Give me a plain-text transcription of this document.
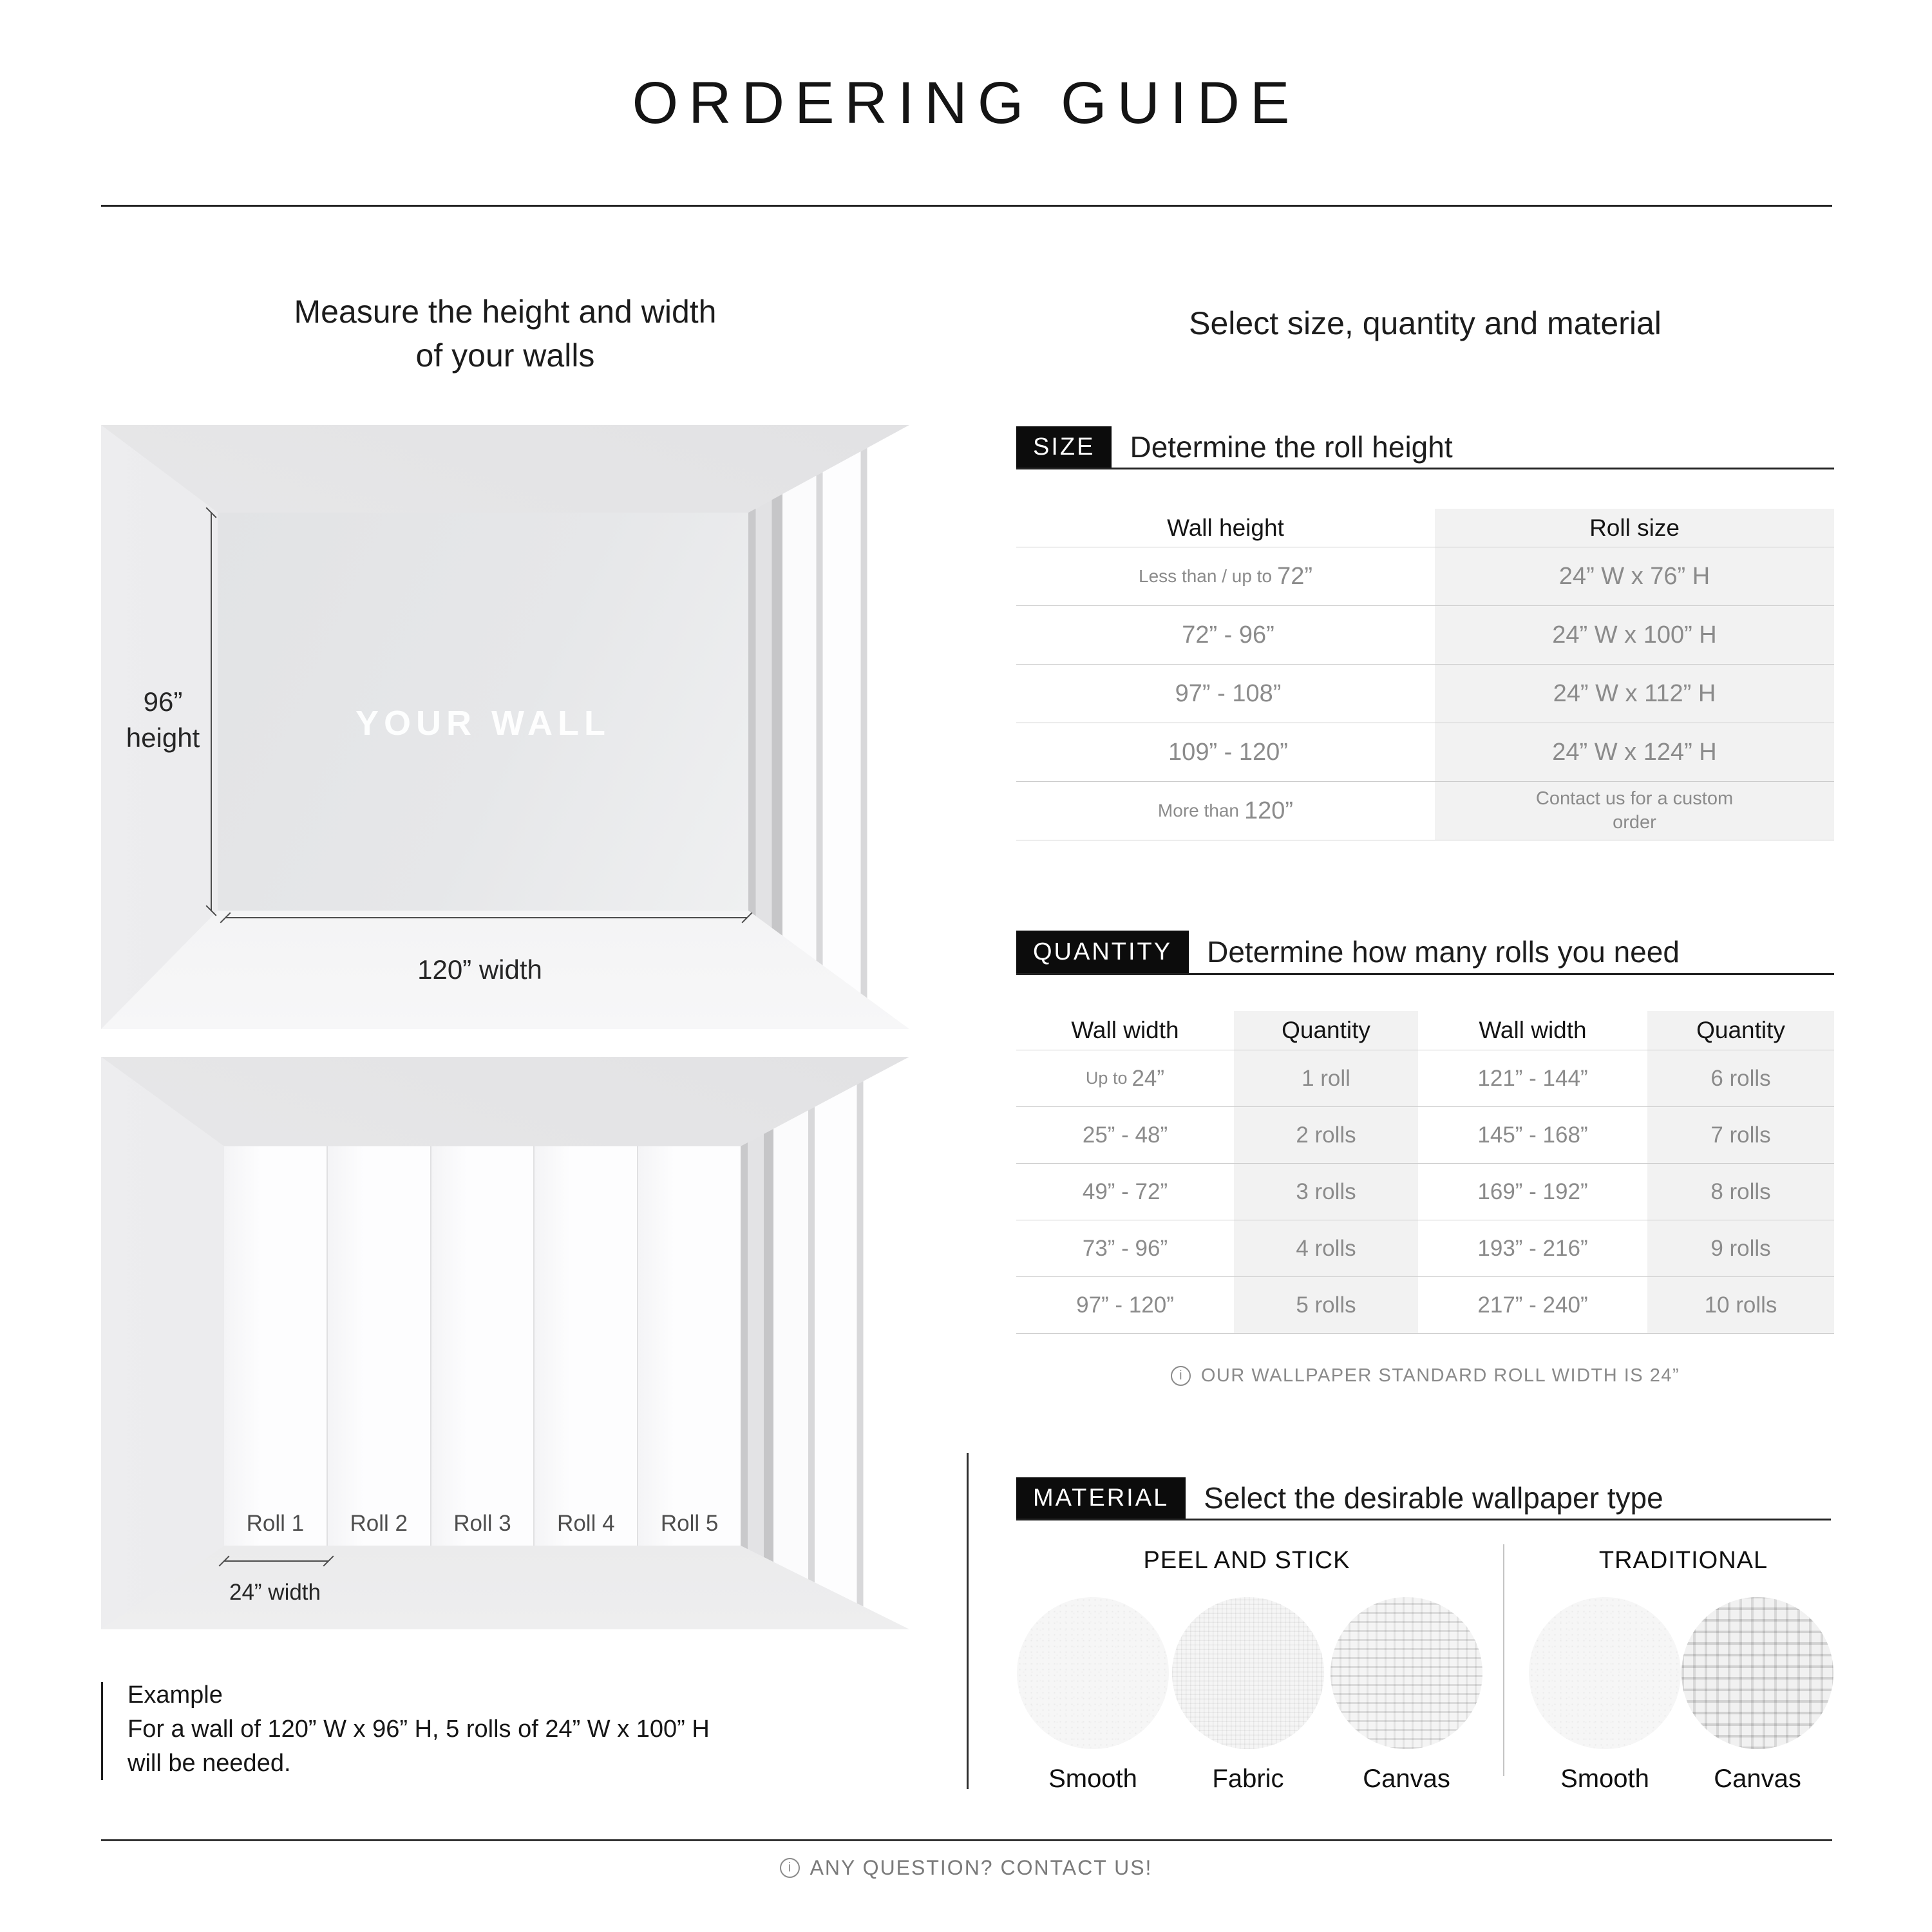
ORDERING GUIDE
Measure the height and width
of your walls
Select size, quantity and material
YOUR WALL
96”
height
120” width
Roll 1 Roll 2 Roll 3 Roll 4 Roll 5
24” width
Example
For a wall of 120” W x 96” H, 5 rolls of 24” W x 100” H
will be needed.
SIZE	Determine the roll height
Wall height	Roll size
Less than / up to 72”	24” W x 76” H
72” - 96”	24” W x 100” H
97” - 108”	24” W x 112” H
109” - 120”	24” W x 124” H
More than 120”	Contact us for a custom order
QUANTITY	Determine how many rolls you need
Wall width	Quantity	Wall width	Quantity
Up to 24”	1 roll	121” - 144”	6 rolls
25” - 48”	2 rolls	145” - 168”	7 rolls
49” - 72”	3 rolls	169” - 192”	8 rolls
73” - 96”	4 rolls	193” - 216”	9 rolls
97” - 120”	5 rolls	217” - 240”	10 rolls
i
OUR WALLPAPER STANDARD ROLL WIDTH IS 24”
MATERIAL	Select the desirable wallpaper type
PEEL AND STICK	TRADITIONAL
Smooth	Fabric	Canvas	Smooth	Canvas
i
ANY QUESTION? CONTACT US!
